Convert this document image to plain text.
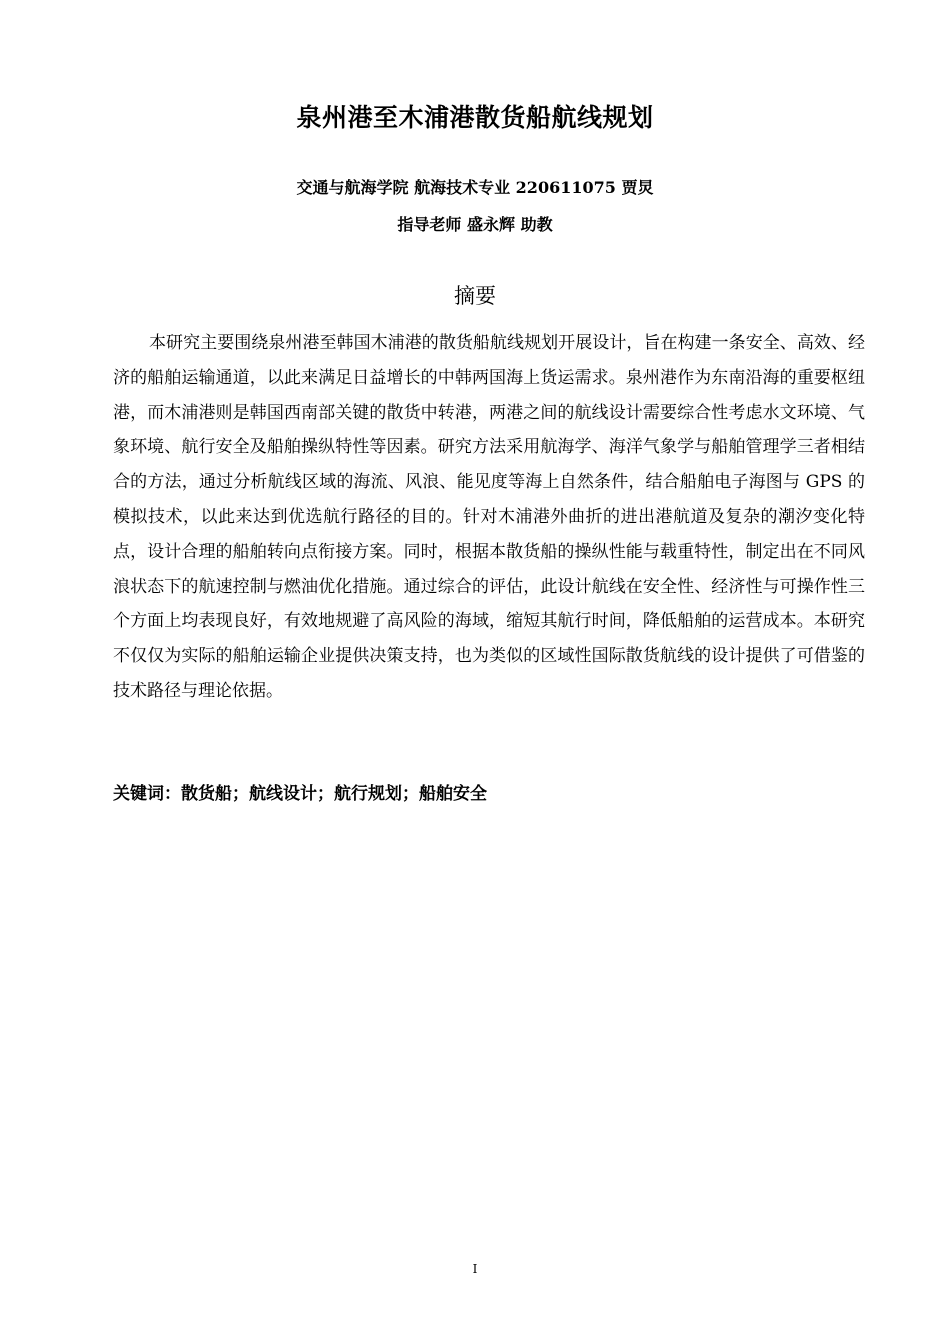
泉州港至木浦港散货船航线规划
交通与航海学院 航海技术专业 220611075 贾炅
指导老师 盛永辉 助教
摘要

本研究主要围绕泉州港至韩国木浦港的散货船航线规划开展设计，旨在构建一条安全、高效、经济的船舶运输通道，以此来满足日益增长的中韩两国海上货运需求。泉州港作为东南沿海的重要枢纽港，而木浦港则是韩国西南部关键的散货中转港，两港之间的航线设计需要综合性考虑水文环境、气象环境、航行安全及船舶操纵特性等因素。研究方法采用航海学、海洋气象学与船舶管理学三者相结合的方法，通过分析航线区域的海流、风浪、能见度等海上自然条件，结合船舶电子海图与 GPS 的模拟技术，以此来达到优选航行路径的目的。针对木浦港外曲折的进出港航道及复杂的潮汐变化特点，设计合理的船舶转向点衔接方案。同时，根据本散货船的操纵性能与载重特性，制定出在不同风浪状态下的航速控制与燃油优化措施。通过综合的评估，此设计航线在安全性、经济性与可操作性三个方面上均表现良好，有效地规避了高风险的海域，缩短其航行时间，降低船舶的运营成本。本研究不仅仅为实际的船舶运输企业提供决策支持，也为类似的区域性国际散货航线的设计提供了可借鉴的技术路径与理论依据。

关键词：散货船；航线设计；航行规划；船舶安全
I
